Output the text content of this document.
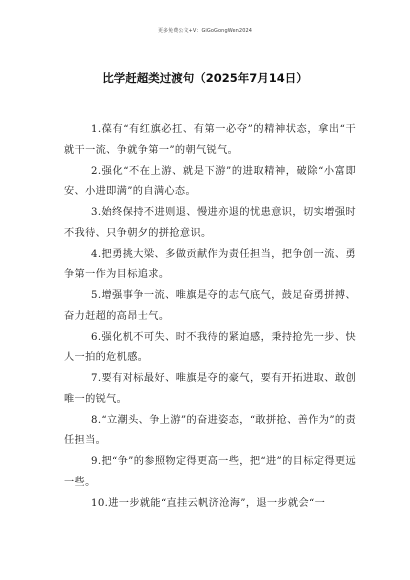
更多免费公文+V：GiGoGongWen2024
比学赶超类过渡句（2025年7月14日）

1.葆有“有红旗必扛、有第一必夺”的精神状态，拿出“干就干一流、争就争第一”的朝气锐气。

2.强化“不在上游、就是下游”的进取精神，破除“小富即安、小进即满”的自满心态。

3.始终保持不进则退、慢进亦退的忧患意识，切实增强时不我待、只争朝夕的拼抢意识。

4.把勇挑大梁、多做贡献作为责任担当，把争创一流、勇争第一作为目标追求。

5.增强事争一流、唯旗是夺的志气底气，鼓足奋勇拼搏、奋力赶超的高昂士气。

6.强化机不可失、时不我待的紧迫感，秉持抢先一步、快人一拍的危机感。

7.要有对标最好、唯旗是夺的豪气，要有开拓进取、敢创唯一的锐气。

8.“立潮头、争上游”的奋进姿态，“敢拼抢、善作为”的责任担当。

9.把“争”的参照物定得更高一些，把“进”的目标定得更远一些。

10.进一步就能“直挂云帆济沧海”，退一步就会“一
